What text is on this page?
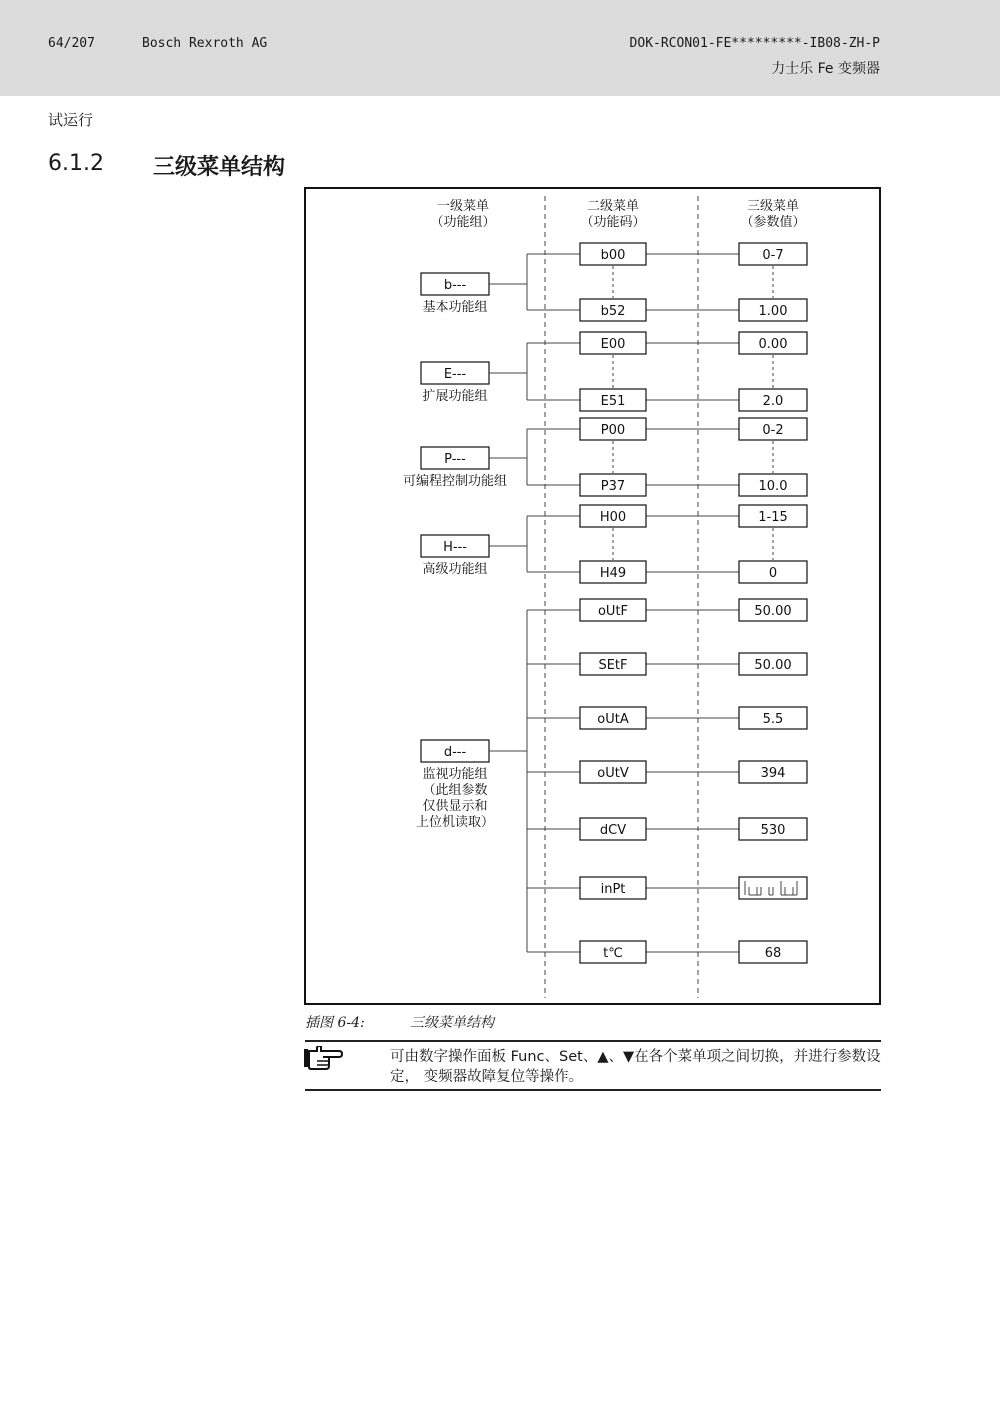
64/207	Bosch Rexroth AG	DOK-RCON01-FE*********-IB08-ZH-P
力士乐 Fe 变频器
试运行
6.1.2 三级菜单结构
一级菜单
（功能组）
二级菜单
（功能码）
三级菜单
（参数值）
b---
基本功能组
b00	0-7
b52	1.00
E---
扩展功能组
E00	0.00
E51	2.0
P---
可编程控制功能组
P00	0-2
P37	10.0
H---
高级功能组
H00	1-15
H49	0
d---
监视功能组
（此组参数
仅供显示和
上位机读取）
oUtF	50.00
SEtF	50.00
oUtA	5.5
oUtV	394
dCV	530
inPt
t℃	68
插图 6-4:	三级菜单结构
可由数字操作面板 Func、Set、▲、▼在各个菜单项之间切换，并进行参数设定， 变频器故障复位等操作。
